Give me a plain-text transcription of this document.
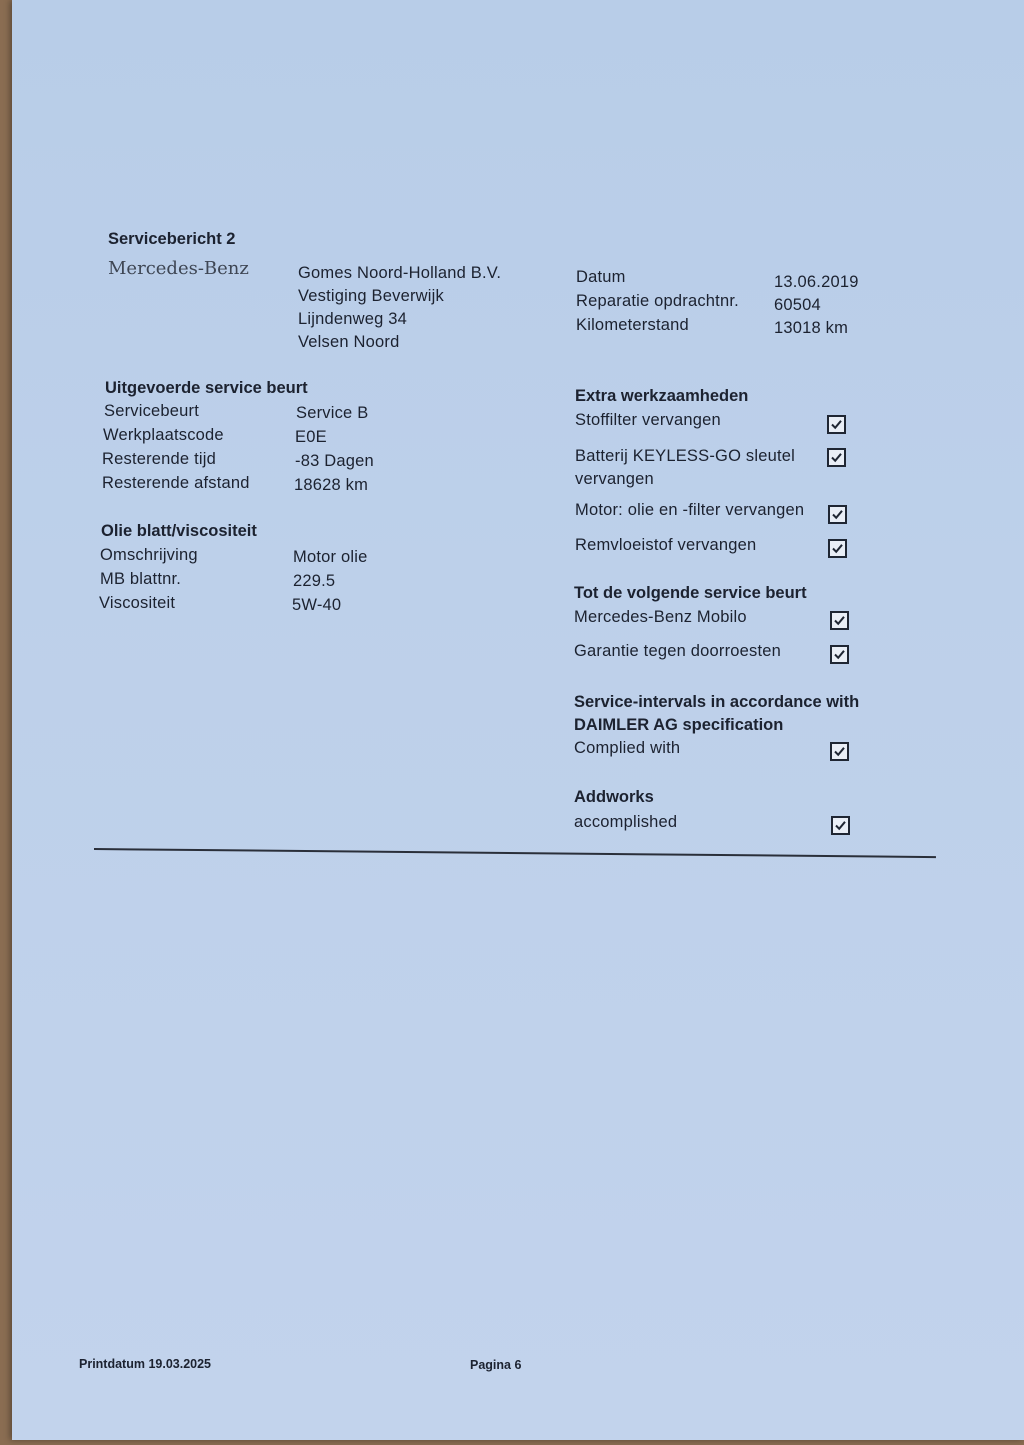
Servicebericht 2
Mercedes-Benz	Gomes Noord-Holland B.V.
Vestiging Beverwijk
Lijndenweg 34
Velsen Noord
Datum	13.06.2019
Reparatie opdrachtnr. 60504
Kilometerstand	13018 km
Uitgevoerde service beurt
Servicebeurt	Service B
Werkplaatscode	E0E
Resterende tijd	-83 Dagen
Resterende afstand	18628 km
Olie blatt/viscositeit
Omschrijving	Motor olie
MB blattnr.	229.5
Viscositeit	5W-40
Extra werkzaamheden
Stoffilter vervangen
Batterij KEYLESS-GO sleutel vervangen
Motor: olie en -filter vervangen
Remvloeistof vervangen
Tot de volgende service beurt
Mercedes-Benz Mobilo
Garantie tegen doorroesten
Service-intervals in accordance with DAIMLER AG specification
Complied with
Addworks
accomplished
Printdatum 19.03.2025	Pagina 6
